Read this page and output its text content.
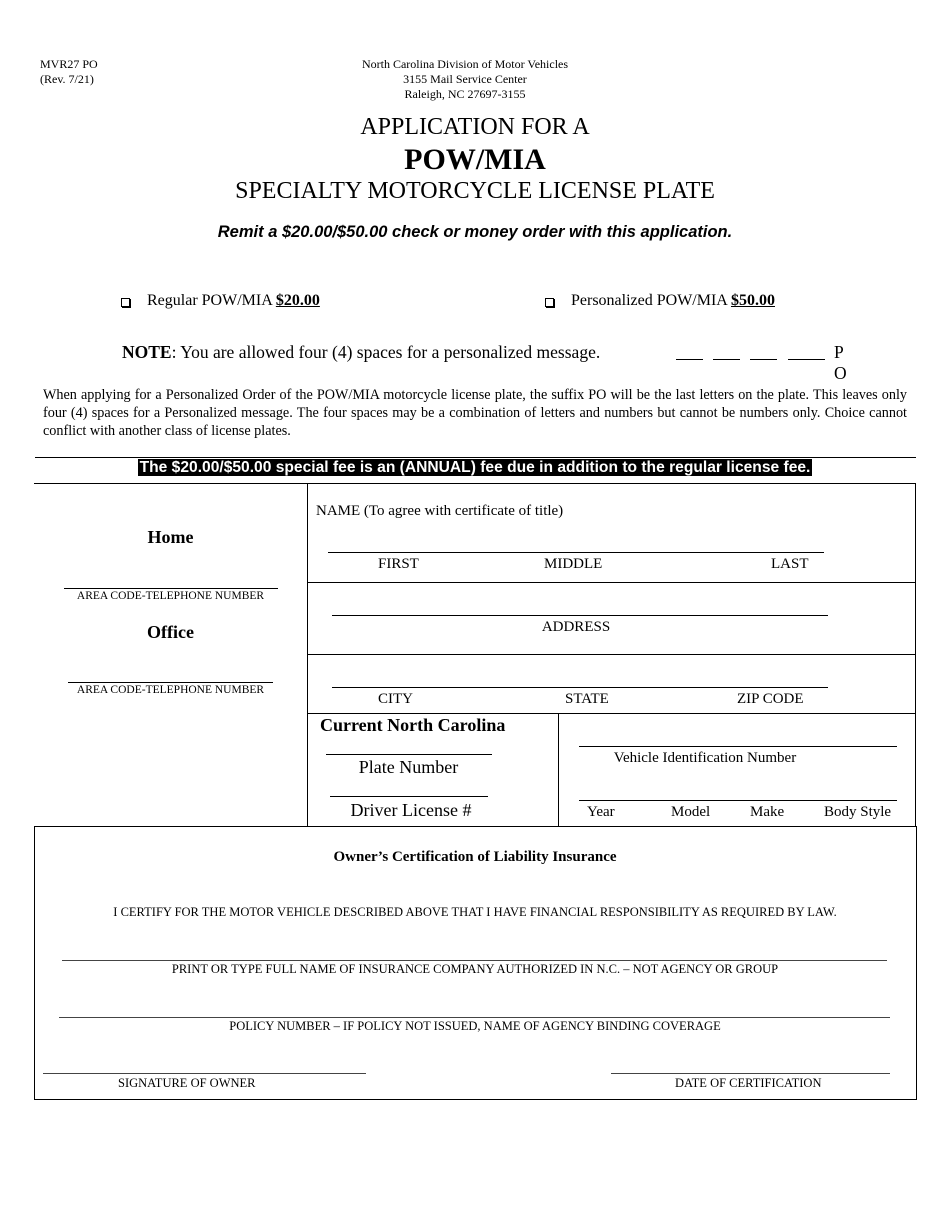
MVR27 PO
(Rev. 7/21)
North Carolina Division of Motor Vehicles
3155 Mail Service Center
Raleigh, NC 27697-3155
APPLICATION FOR A
POW/MIA
SPECIALTY MOTORCYCLE LICENSE PLATE
Remit a $20.00/$50.00 check or money order with this application.
Regular POW/MIA $20.00	Personalized POW/MIA $50.00
NOTE: You are allowed four (4) spaces for a personalized message.	P
O
When applying for a Personalized Order of the POW/MIA motorcycle license plate, the suffix PO will be the last letters on the plate. This leaves only four (4) spaces for a Personalized message. The four spaces may be a combination of letters and numbers but cannot be numbers only. Choice cannot conflict with another class of license plates.
The $20.00/$50.00 special fee is an (ANNUAL) fee due in addition to the regular license fee.
Home
AREA CODE-TELEPHONE NUMBER
Office
AREA CODE-TELEPHONE NUMBER
NAME (To agree with certificate of title)
FIRST	MIDDLE	LAST
ADDRESS
CITY	STATE	ZIP CODE
Current North Carolina
Plate Number
Driver License #
Vehicle Identification Number
Year	Model	Make	Body Style
Owner’s Certification of Liability Insurance
I CERTIFY FOR THE MOTOR VEHICLE DESCRIBED ABOVE THAT I HAVE FINANCIAL RESPONSIBILITY AS REQUIRED BY LAW.
PRINT OR TYPE FULL NAME OF INSURANCE COMPANY AUTHORIZED IN N.C. – NOT AGENCY OR GROUP
POLICY NUMBER – IF POLICY NOT ISSUED, NAME OF AGENCY BINDING COVERAGE
SIGNATURE OF OWNER	DATE OF CERTIFICATION
